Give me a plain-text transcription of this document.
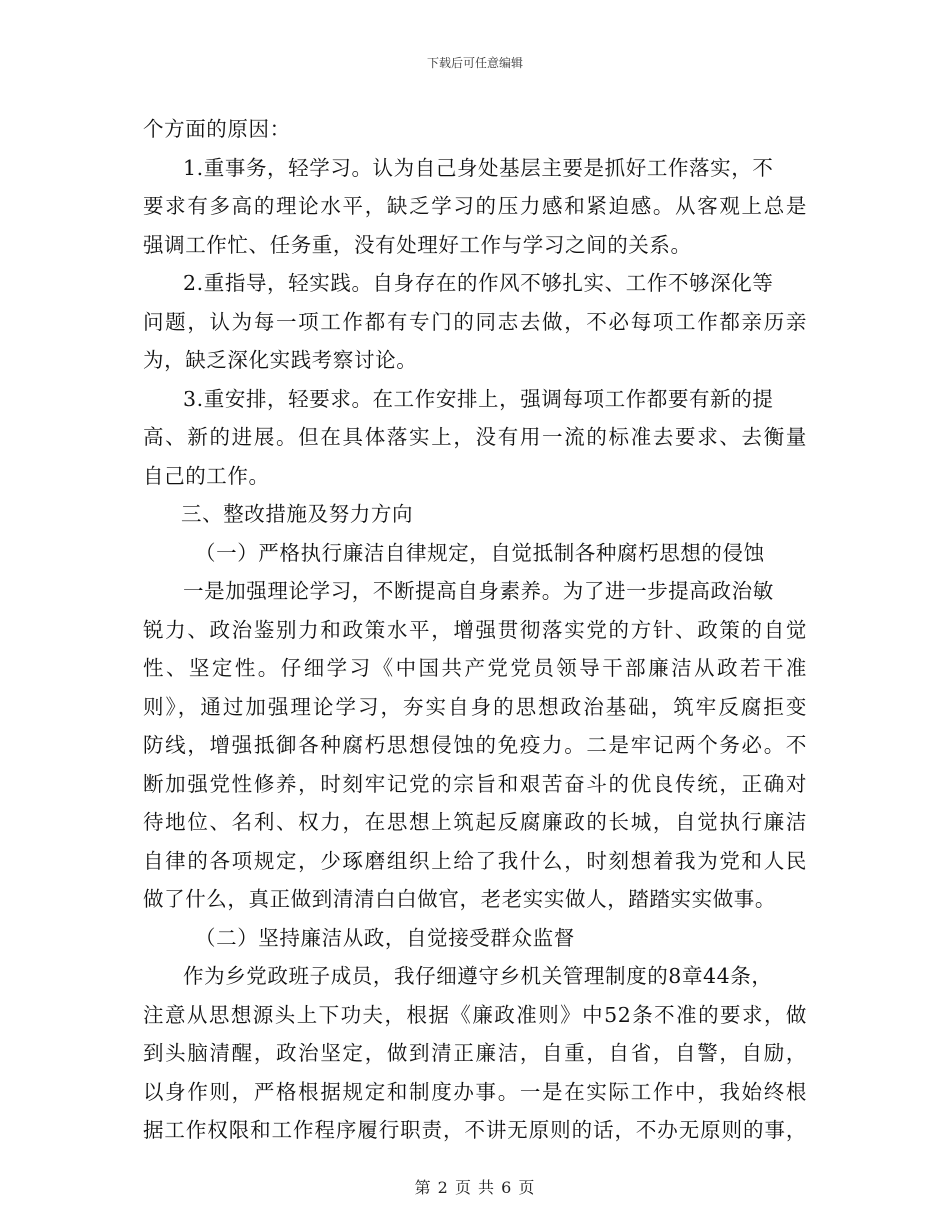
下载后可任意编辑
个方面的原因：
1.重事务，轻学习。认为自己身处基层主要是抓好工作落实，不
要求有多高的理论水平，缺乏学习的压力感和紧迫感。从客观上总是
强调工作忙、任务重，没有处理好工作与学习之间的关系。
2.重指导，轻实践。自身存在的作风不够扎实、工作不够深化等
问题，认为每一项工作都有专门的同志去做，不必每项工作都亲历亲
为，缺乏深化实践考察讨论。
3.重安排，轻要求。在工作安排上，强调每项工作都要有新的提
高、新的进展。但在具体落实上，没有用一流的标准去要求、去衡量
自己的工作。
三、整改措施及努力方向
（一）严格执行廉洁自律规定，自觉抵制各种腐朽思想的侵蚀
一是加强理论学习，不断提高自身素养。为了进一步提高政治敏
锐力、政治鉴别力和政策水平，增强贯彻落实党的方针、政策的自觉
性、坚定性。仔细学习《中国共产党党员领导干部廉洁从政若干准
则》，通过加强理论学习，夯实自身的思想政治基础，筑牢反腐拒变
防线，增强抵御各种腐朽思想侵蚀的免疫力。二是牢记两个务必。不
断加强党性修养，时刻牢记党的宗旨和艰苦奋斗的优良传统，正确对
待地位、名利、权力，在思想上筑起反腐廉政的长城，自觉执行廉洁
自律的各项规定，少琢磨组织上给了我什么，时刻想着我为党和人民
做了什么，真正做到清清白白做官，老老实实做人，踏踏实实做事。
（二）坚持廉洁从政，自觉接受群众监督
作为乡党政班子成员，我仔细遵守乡机关管理制度的8章44条，
注意从思想源头上下功夫，根据《廉政准则》中52条不准的要求，做
到头脑清醒，政治坚定，做到清正廉洁，自重，自省，自警，自励，
以身作则，严格根据规定和制度办事。一是在实际工作中，我始终根
据工作权限和工作程序履行职责，不讲无原则的话，不办无原则的事，
第 2 页 共 6 页
